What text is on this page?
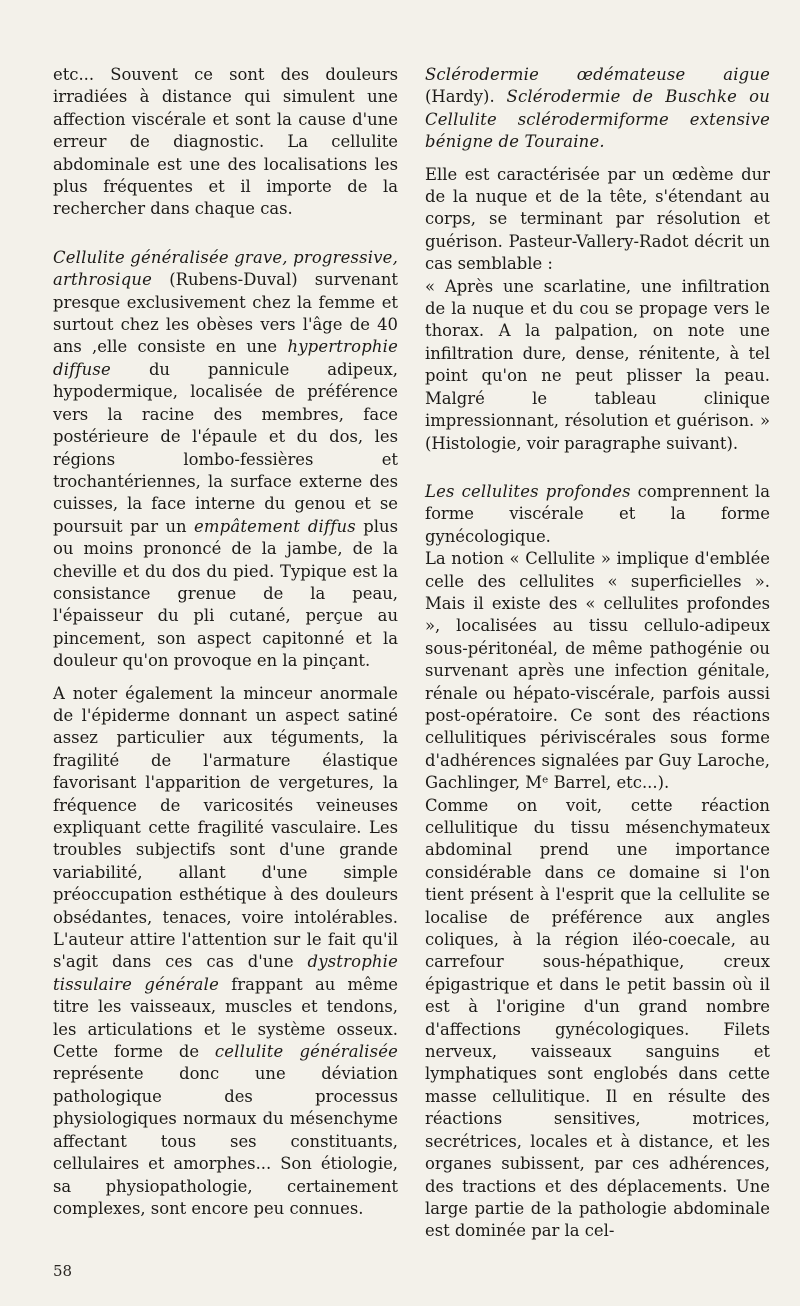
etc... Souvent ce sont des douleurs irradiées à distance qui simulent une affection viscérale et sont la cause d'une erreur de diagnostic. La cellulite abdominale est une des localisations les plus fréquentes et il importe de la rechercher dans chaque cas.

Cellulite généralisée grave, progressive, arthrosique (Rubens-Duval) survenant presque exclusivement chez la femme et surtout chez les obèses vers l'âge de 40 ans ,elle consiste en une hypertrophie diffuse du pannicule adipeux, hypodermique, localisée de préférence vers la racine des membres, face postérieure de l'épaule et du dos, les régions lombo-fessières et trochantériennes, la surface externe des cuisses, la face interne du genou et se poursuit par un empâtement diffus plus ou moins prononcé de la jambe, de la cheville et du dos du pied. Typique est la consistance grenue de la peau, l'épaisseur du pli cutané, perçue au pincement, son aspect capitonné et la douleur qu'on provoque en la pinçant.

A noter également la minceur anormale de l'épiderme donnant un aspect satiné assez particulier aux téguments, la fragilité de l'armature élastique favorisant l'apparition de vergetures, la fréquence de varicosités veineuses expliquant cette fragilité vasculaire. Les troubles subjectifs sont d'une grande variabilité, allant d'une simple préoccupation esthétique à des douleurs obsédantes, tenaces, voire intolérables. L'auteur attire l'attention sur le fait qu'il s'agit dans ces cas d'une dystrophie tissulaire générale frappant au même titre les vaisseaux, muscles et tendons, les articulations et le système osseux. Cette forme de cellulite généralisée représente donc une déviation pathologique des processus physiologiques normaux du mésenchyme affectant tous ses constituants, cellulaires et amorphes... Son étiologie, sa physiopathologie, certainement complexes, sont encore peu connues.

Sclérodermie œdémateuse aigue (Hardy). Sclérodermie de Buschke ou Cellulite sclérodermiforme extensive bénigne de Touraine.

Elle est caractérisée par un œdème dur de la nuque et de la tête, s'étendant au corps, se terminant par résolution et guérison. Pasteur-Vallery-Radot décrit un cas semblable :

« Après une scarlatine, une infiltration de la nuque et du cou se propage vers le thorax. A la palpation, on note une infiltration dure, dense, rénitente, à tel point qu'on ne peut plisser la peau. Malgré le tableau clinique impressionnant, résolution et guérison. » (Histologie, voir paragraphe suivant).

Les cellulites profondes comprennent la forme viscérale et la forme gynécologique.

La notion « Cellulite » implique d'emblée celle des cellulites « superficielles ». Mais il existe des « cellulites profondes », localisées au tissu cellulo-adipeux sous-péritonéal, de même pathogénie ou survenant après une infection génitale, rénale ou hépato-viscérale, parfois aussi post-opératoire. Ce sont des réactions cellulitiques périviscérales sous forme d'adhérences signalées par Guy Laroche, Gachlinger, Mᵉ Barrel, etc...).

Comme on voit, cette réaction cellulitique du tissu mésenchymateux abdominal prend une importance considérable dans ce domaine si l'on tient présent à l'esprit que la cellulite se localise de préférence aux angles coliques, à la région iléo-coecale, au carrefour sous-hépathique, creux épigastrique et dans le petit bassin où il est à l'origine d'un grand nombre d'affections gynécologiques. Filets nerveux, vaisseaux sanguins et lymphatiques sont englobés dans cette masse cellulitique. Il en résulte des réactions sensitives, motrices, secrétrices, locales et à distance, et les organes subissent, par ces adhérences, des tractions et des déplacements. Une large partie de la pathologie abdominale est dominée par la cel-

58
